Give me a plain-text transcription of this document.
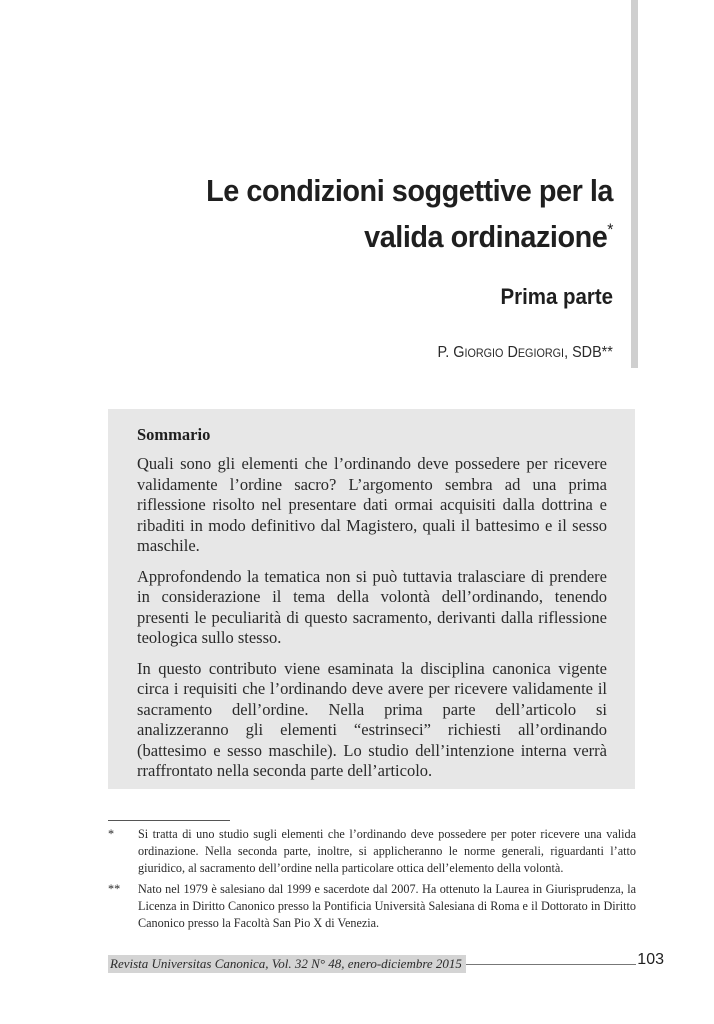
Le condizioni soggettive per la valida ordinazione*
Prima parte

P. GIORGIO DEGIORGI, SDB**

Sommario

Quali sono gli elementi che l’ordinando deve possedere per ricevere validamente l’ordine sacro? L’argomento sembra ad una prima riflessione risolto nel presentare dati ormai acquisiti dalla dottrina e ribaditi in modo definitivo dal Magistero, quali il battesimo e il sesso maschile.

Approfondendo la tematica non si può tuttavia tralasciare di prendere in considerazione il tema della volontà dell’ordinando, tenendo presenti le peculiarità di questo sacramento, derivanti dalla riflessione teologica sullo stesso.

In questo contributo viene esaminata la disciplina canonica vigente circa i requisiti che l’ordinando deve avere per ricevere validamente il sacramento dell’ordine. Nella prima parte dell’articolo si analizzeranno gli elementi “estrinseci” richiesti all’ordinando (battesimo e sesso maschile). Lo studio dell’intenzione interna verrà rraffrontato nella seconda parte dell’articolo.

*	Si tratta di uno studio sugli elementi che l’ordinando deve possedere per poter ricevere una valida ordinazione. Nella seconda parte, inoltre, si applicheranno le norme generali, riguardanti l’atto giuridico, al sacramento dell’ordine nella particolare ottica dell’elemento della volontà.
**	Nato nel 1979 è salesiano dal 1999 e sacerdote dal 2007. Ha ottenuto la Laurea in Giurisprudenza, la Licenza in Diritto Canonico presso la Pontificia Università Salesiana di Roma e il Dottorato in Diritto Canonico presso la Facoltà San Pio X di Venezia.
Revista Universitas Canonica, Vol. 32 N° 48, enero-diciembre 2015	103
